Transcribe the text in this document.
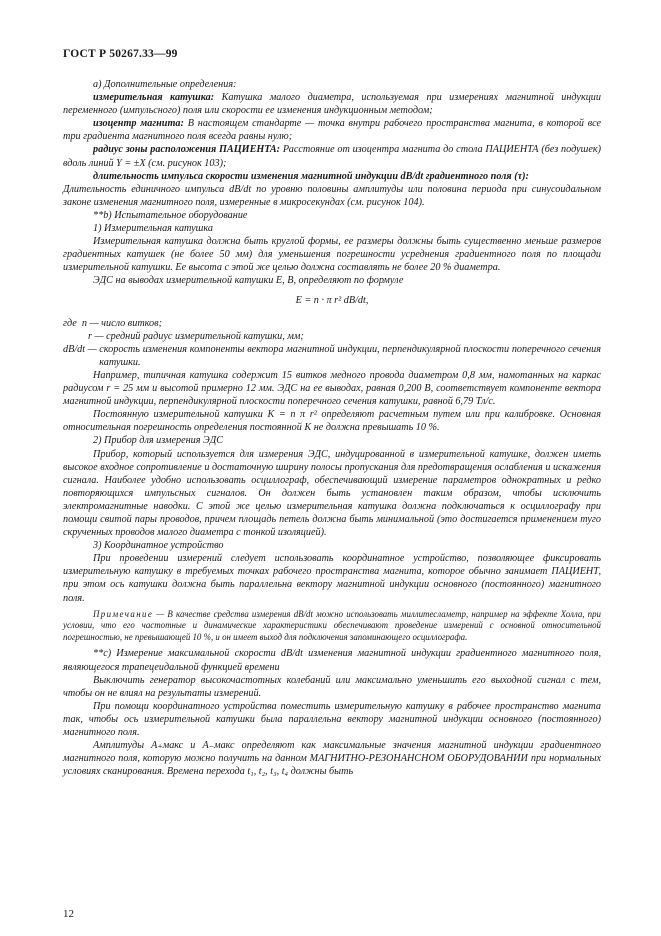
ГОСТ Р 50267.33—99

а) Дополнительные определения:

измерительная катушка: Катушка малого диаметра, используемая при измерениях магнитной индукции переменного (импульсного) поля или скорости ее изменения индукционным методом;

изоцентр магнита: В настоящем стандарте — точка внутри рабочего пространства магнита, в которой все три градиента магнитного поля всегда равны нулю;

радиус зоны расположения ПАЦИЕНТА: Расстояние от изоцентра магнита до стола ПАЦИЕНТА (без подушек) вдоль линий Y = ±X (см. рисунок 103);

длительность импульса скорости изменения магнитной индукции dB/dt градиентного поля (τ):

Длительность единичного импульса dB/dt по уровню половины амплитуды или половина периода при синусоидальном законе изменения магнитного поля, измеренные в микросекундах (см. рисунок 104).

**b) Испытательное оборудование

1) Измерительная катушка

Измерительная катушка должна быть круглой формы, ее размеры должны быть существенно меньше размеров градиентных катушек (не более 50 мм) для уменьшения погрешности усреднения градиентного поля по площади измерительной катушки. Ее высота с этой же целью должна составлять не более 20 % диаметра.

ЭДС на выводах измерительной катушки E, B, определяют по формуле

E = n · π r² dB/dt,

где  n — число витков;
r — средний радиус измерительной катушки, мм;
dB/dt — скорость изменения компоненты вектора магнитной индукции, перпендикулярной плоскости поперечного сечения катушки.

Например, типичная катушка содержит 15 витков медного провода диаметром 0,8 мм, намотанных на каркас радиусом r = 25 мм и высотой примерно 12 мм. ЭДС на ее выводах, равная 0,200 В, соответствует компоненте вектора магнитной индукции, перпендикулярной плоскости поперечного сечения катушки, равной 6,79 Тл/с.

Постоянную измерительной катушки K = n π r² определяют расчетным путем или при калибровке. Основная относительная погрешность определения постоянной K не должна превышать 10 %.

2) Прибор для измерения ЭДС

Прибор, который используется для измерения ЭДС, индуцированной в измерительной катушке, должен иметь высокое входное сопротивление и достаточную ширину полосы пропускания для предотвращения ослабления и искажения сигнала. Наиболее удобно использовать осциллограф, обеспечивающий измерение параметров однократных и редко повторяющихся импульсных сигналов. Он должен быть установлен таким образом, чтобы исключить электромагнитные наводки. С этой же целью измерительная катушка должна подключаться к осциллографу при помощи свитой пары проводов, причем площадь петель должна быть минимальной (это достигается применением туго скрученных проводов малого диаметра с тонкой изоляцией).

3) Координатное устройство

При проведении измерений следует использовать координатное устройство, позволяющее фиксировать измерительную катушку в требуемых точках рабочего пространства магнита, которое обычно занимает ПАЦИЕНТ, при этом ось катушки должна быть параллельна вектору магнитной индукции основного (постоянного) магнитного поля.

Примечание — В качестве средства измерения dB/dt можно использовать миллитесламетр, например на эффекте Холла, при условии, что его частотные и динамические характеристики обеспечивают проведение измерений с основной относительной погрешностью, не превышающей 10 %, и он имеет выход для подключения запоминающего осциллографа.

**c) Измерение максимальной скорости dB/dt изменения магнитной индукции градиентного магнитного поля, являющегося трапецеидальной функцией времени

Выключить генератор высокочастотных колебаний или максимально уменьшить его выходной сигнал с тем, чтобы он не влиял на результаты измерений.

При помощи координатного устройства поместить измерительную катушку в рабочее пространство магнита так, чтобы ось измерительной катушки была параллельна вектору магнитной индукции основного (постоянного) магнитного поля.

Амплитуды A₊макс и A₋макс определяют как максимальные значения магнитной индукции градиентного магнитного поля, которую можно получить на данном МАГНИТНО-РЕЗОНАНСНОМ ОБОРУДОВАНИИ при нормальных условиях сканирования. Времена перехода t₁, t₂, t₃, t₄ должны быть

12
